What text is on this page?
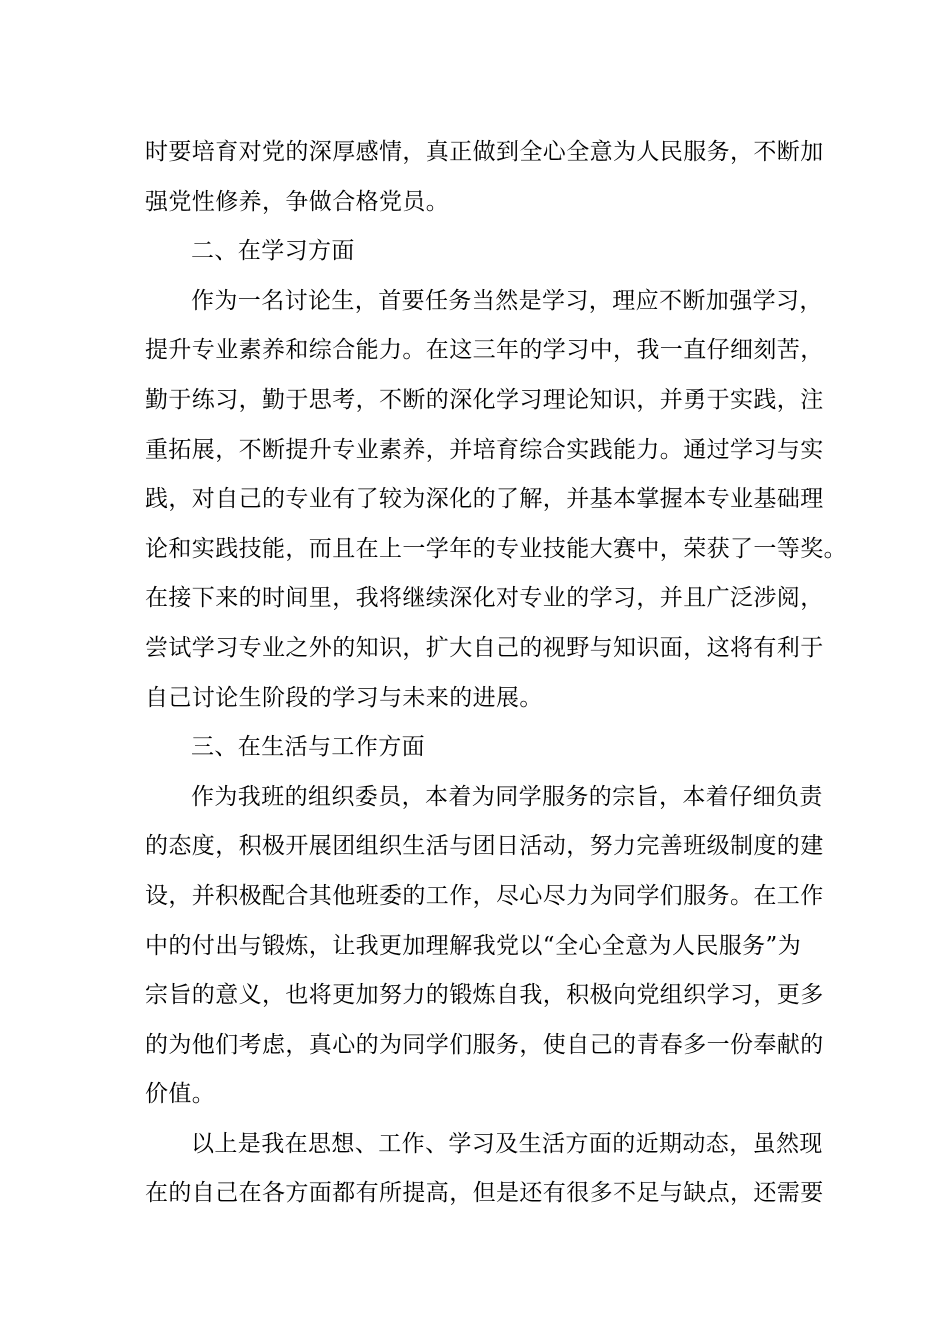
时要培育对党的深厚感情，真正做到全心全意为人民服务，不断加
强党性修养，争做合格党员。
二、在学习方面
作为一名讨论生，首要任务当然是学习，理应不断加强学习，
提升专业素养和综合能力。在这三年的学习中，我一直仔细刻苦，
勤于练习，勤于思考，不断的深化学习理论知识，并勇于实践，注
重拓展，不断提升专业素养，并培育综合实践能力。通过学习与实
践，对自己的专业有了较为深化的了解，并基本掌握本专业基础理
论和实践技能，而且在上一学年的专业技能大赛中，荣获了一等奖。
在接下来的时间里，我将继续深化对专业的学习，并且广泛涉阅，
尝试学习专业之外的知识，扩大自己的视野与知识面，这将有利于
自己讨论生阶段的学习与未来的进展。
三、在生活与工作方面
作为我班的组织委员，本着为同学服务的宗旨，本着仔细负责
的态度，积极开展团组织生活与团日活动，努力完善班级制度的建
设，并积极配合其他班委的工作，尽心尽力为同学们服务。在工作
中的付出与锻炼，让我更加理解我党以“全心全意为人民服务”为
宗旨的意义，也将更加努力的锻炼自我，积极向党组织学习，更多
的为他们考虑，真心的为同学们服务，使自己的青春多一份奉献的
价值。
以上是我在思想、工作、学习及生活方面的近期动态，虽然现
在的自己在各方面都有所提高，但是还有很多不足与缺点，还需要
